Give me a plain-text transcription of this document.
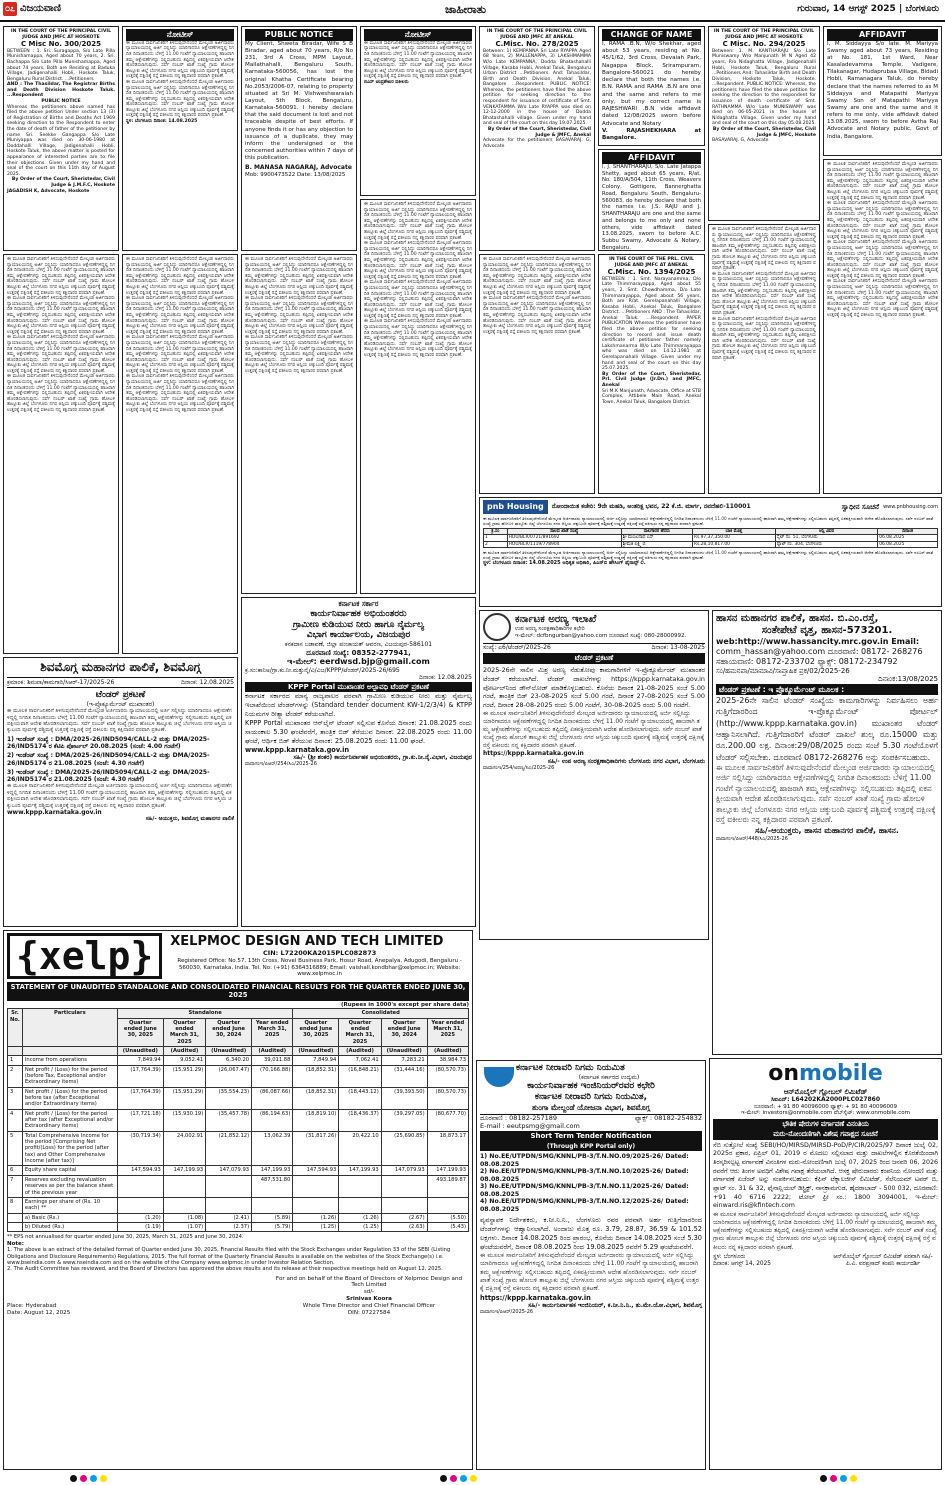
೦೭ ವಿಜಯವಾಣಿ	ಜಾಹೀರಾತು	ಗುರುವಾರ, 14 ಆಗಸ್ಟ್ 2025 | ಬೆಂಗಳೂರು
IN THE COURT OF THE PRINCIPAL CIVIL JUDGE AND JMFC AT HOSKOTE
C Misc No. 300/2025
BETWEEN : 1. Sri. Suragappa, S/o Late Pilla Munishamappa, Aged about 70 years, 2. Sri. Bachappa S/o Late Pilla Munishamappa, Aged about 74 years, Both are Residing at Baduka Village, Jadigenahalli Hobli, Hoskote Taluk, Bengaluru Rural District. ...Petitioners
AND : The Thasildar, The Registrar Births and Death Division Hoskote Taluk. ...Respondent
PUBLIC NOTICE
Whereas the petitioners above named has filed the above petition Under section 13 (3) of Registration of Births and Deaths Act 1969 seeking direction to the Respondent to enter the date of death of father of the petitioner by name Sri. Seekke Gangappa S/o Late Muniyappa was died on 30-06-1980 at Doddahalli Village, Jadigenahalli Hobli, Hoskote Taluk, the above matter is posted for appearance of interested parties are to file their objections. Given under my hand and seal of the court on this 11th day of August 2025.
By Order of the Court, Sheristedar, Civil Judge & J.M.F.C, Hoskote
JAGADISH K, Advocate, Hoskote
ನೋಟೀಸ್
ಈ ಮೂಲಕ ಸಾರ್ವಜನಿಕರಿಗೆ ತಿಳಿಸುವುದೇನೆಂದರೆ ಮೇಲ್ಕಂಡ ಅರ್ಜಿದಾರರು ನ್ಯಾಯಾಲಯದಲ್ಲಿ ಅರ್ಜಿ ಸಲ್ಲಿಸಿದ್ದು ಯಾರಿಗಾದರೂ ಆಕ್ಷೇಪಣೆಗಳಿದ್ದಲ್ಲಿ ನಿಗದಿತ ದಿನಾಂಕದಂದು ಬೆಳಿಗ್ಗೆ 11.00 ಗಂಟೆಗೆ ನ್ಯಾಯಾಲಯದಲ್ಲಿ ಹಾಜರಾಗಿ ತಮ್ಮ ಆಕ್ಷೇಪಣೆಗಳನ್ನು ಸಲ್ಲಿಸಬಹುದು ತಪ್ಪಿದಲ್ಲಿ ಏಕಪಕ್ಷೀಯವಾಗಿ ಆದೇಶ ಹೊರಡಿಸಲಾಗುವುದು. ಸರ್ವೆ ನಂಬರ್ ಖಾತೆ ಸಂಖ್ಯೆ ಗ್ರಾಮ ಹೋಬಳಿ ತಾಲ್ಲೂಕು ಜಿಲ್ಲೆ ಬೆಂಗಳೂರು ನಗರ ಆಸ್ತಿಯ ಚಕ್ಕುಬಂದಿ ಪೂರ್ವಕ್ಕೆ ಪಶ್ಚಿಮಕ್ಕೆ ಉತ್ತರಕ್ಕೆ ದಕ್ಷಿಣಕ್ಕೆ ರಸ್ತೆ ವಕೀಲರು ನನ್ನ ಕಕ್ಷಿದಾರರ ಪರವಾಗಿ ಪ್ರಕಟಣೆ.
ಈ ಮೂಲಕ ಸಾರ್ವಜನಿಕರಿಗೆ ತಿಳಿಸುವುದೇನೆಂದರೆ ಮೇಲ್ಕಂಡ ಅರ್ಜಿದಾರರು ನ್ಯಾಯಾಲಯದಲ್ಲಿ ಅರ್ಜಿ ಸಲ್ಲಿಸಿದ್ದು ಯಾರಿಗಾದರೂ ಆಕ್ಷೇಪಣೆಗಳಿದ್ದಲ್ಲಿ ನಿಗದಿತ ದಿನಾಂಕದಂದು ಬೆಳಿಗ್ಗೆ 11.00 ಗಂಟೆಗೆ ನ್ಯಾಯಾಲಯದಲ್ಲಿ ಹಾಜರಾಗಿ ತಮ್ಮ ಆಕ್ಷೇಪಣೆಗಳನ್ನು ಸಲ್ಲಿಸಬಹುದು ತಪ್ಪಿದಲ್ಲಿ ಏಕಪಕ್ಷೀಯವಾಗಿ ಆದೇಶ ಹೊರಡಿಸಲಾಗುವುದು. ಸರ್ವೆ ನಂಬರ್ ಖಾತೆ ಸಂಖ್ಯೆ ಗ್ರಾಮ ಹೋಬಳಿ ತಾಲ್ಲೂಕು ಜಿಲ್ಲೆ ಬೆಂಗಳೂರು ನಗರ ಆಸ್ತಿಯ ಚಕ್ಕುಬಂದಿ ಪೂರ್ವಕ್ಕೆ ಪಶ್ಚಿಮಕ್ಕೆ ಉತ್ತರಕ್ಕೆ ದಕ್ಷಿಣಕ್ಕೆ ರಸ್ತೆ ವಕೀಲರು ನನ್ನ ಕಕ್ಷಿದಾರರ ಪರವಾಗಿ ಪ್ರಕಟಣೆ.
ಸ್ಥಳ: ಬೆಂಗಳೂರು ದಿನಾಂಕ: 14.08.2025
PUBLIC NOTICE
My Client, Shweta Biradar, Wife S B Biradar, aged about 70 years, R/o No 231, 3rd A Cross, MPM Layout, Mallathahalli, Bengaluru South, Karnataka-560056, has lost the original Khatha Certificate bearing No.2053/2006-07, relating to property situated at Sri M. Vishweshwaraiah Layout, 5th Block, Bengaluru, Karnataka-560091. I hereby declare that the said document is lost and not traceable despite of best efforts. If anyone finds it or has any objection to issuance of a duplicate, they may inform the undersigned or the concerned authorities within 7 days of this publication.
B. MANASA NAGARAJ, Advocate
Mob: 9900473522 Date: 13/08/2025
ನೋಟೀಸ್
ಈ ಮೂಲಕ ಸಾರ್ವಜನಿಕರಿಗೆ ತಿಳಿಸುವುದೇನೆಂದರೆ ಮೇಲ್ಕಂಡ ಅರ್ಜಿದಾರರು ನ್ಯಾಯಾಲಯದಲ್ಲಿ ಅರ್ಜಿ ಸಲ್ಲಿಸಿದ್ದು ಯಾರಿಗಾದರೂ ಆಕ್ಷೇಪಣೆಗಳಿದ್ದಲ್ಲಿ ನಿಗದಿತ ದಿನಾಂಕದಂದು ಬೆಳಿಗ್ಗೆ 11.00 ಗಂಟೆಗೆ ನ್ಯಾಯಾಲಯದಲ್ಲಿ ಹಾಜರಾಗಿ ತಮ್ಮ ಆಕ್ಷೇಪಣೆಗಳನ್ನು ಸಲ್ಲಿಸಬಹುದು ತಪ್ಪಿದಲ್ಲಿ ಏಕಪಕ್ಷೀಯವಾಗಿ ಆದೇಶ ಹೊರಡಿಸಲಾಗುವುದು. ಸರ್ವೆ ನಂಬರ್ ಖಾತೆ ಸಂಖ್ಯೆ ಗ್ರಾಮ ಹೋಬಳಿ ತಾಲ್ಲೂಕು ಜಿಲ್ಲೆ ಬೆಂಗಳೂರು ನಗರ ಆಸ್ತಿಯ ಚಕ್ಕುಬಂದಿ ಪೂರ್ವಕ್ಕೆ ಪಶ್ಚಿಮಕ್ಕೆ ಉತ್ತರಕ್ಕೆ ದಕ್ಷಿಣಕ್ಕೆ ರಸ್ತೆ ವಕೀಲರು ನನ್ನ ಕಕ್ಷಿದಾರರ ಪರವಾಗಿ ಪ್ರಕಟಣೆ.
ಬಿಎಸ್ ಚಂದ್ರಶೇಖರ ವಕೀಲರು
IN THE COURT OF THE PRINCIPAL CIVIL JUDGE AND JMFC AT ANEKAL
C.Misc. No. 278/2025
Between: 1) KEMPANNA Sri Late RYAPPA Aged 68 Years, 2) MALLENAPPA, 3) LAKSHMAMMA W/o Late KEMPANNA, Dodda Bhatashahalli Village, Kasaba Hobli, Anekal Taluk, Bengaluru Urban District ...Petitioners. And: Tahasildar, Birth and Death Division, Anekal Taluk, Bangalore ...Respondent. PUBLIC NOTICE: Whereas, the petitioners have filed the above petition for seeking direction to the respondent for issuance of certificate of Smt. VENKATAMMA W/o Late RYAPPA was died on 12-12-2000 in the house of Dodda Bhatashahalli village. Given under my hand and seal of the court on this day 19.07.2025.
By Order of the Court, Sheristedar, Civil Judge & JMFC, Anekal
Advocate for the petitioners BASAVARAJ. G, Advocate
CHANGE OF NAME
I, RAMA .B.N, W/o Shekhar, aged about 53 years, residing at No. 45/1/62, 3rd Cross, Devaiah Park, Nagappa Block, Srirampuram, Bangalore-560021 do hereby declare that both the names i.e. B.N. RAMA and RAMA .B.N are one and the same and refers to me only, but my correct name is RAJESHWARI .B.N vide affidavit dated 12/08/2025 sworn before Advocate and Notary
V. RAJASHEKHARA at Bangalore.
AFFIDAVIT
I, J. SHANTHARAJU, S/o. Late Jatappa Shetty, aged about 65 years, R/at. No. 180/A/504, 11th Cross, Weavers Colony, Gottigere, Bannerghatta Road, Bengaluru South, Bengaluru-560083, do hereby declare that both the names i.e. J.S. RAJU and J. SHANTHARAJU are one and the same and belongs to me only and none others, vide affidavit dated 13.08.2025, sworn to before A.C. Subbu Swamy, Advocate & Notary, Bengaluru.
IN THE COURT OF THE PRINCIPAL CIVIL JUDGE AND JMFC AT HOSKOTE
C Misc. No. 294/2025
Between: 1. M. KANTHARAJU S/o Late Muniswamy W/o Manjunath M N Aged 42 years, R/o Nidaghatta Village, Jadigenahalli Hobli, Hoskote Taluk, Bengaluru Rural ...Petitioners And: Tahasildar Birth and Death Division, Hoskote Taluk, Hoskote. ...Respondent. PUBLIC NOTICE: Whereas, the petitioners have filed the above petition for seeking the direction to the respondent for issuance of death certificate of Smt. RATHNAMMA W/o Late MUNISWAMY was died on 06-05-2021 in the house of Nidaghatta Village. Given under my hand and seal of the court on this day 05.08.2025.
By Order of the Court, Sheristedar, Civil Judge & JMFC, Hoskote
BASAVARAJ. G, Advocate
AFFIDAVIT
I, M. Siddayya S/o late. M. Mariyya Swamy aged about 73 years, Residing at No. 181, 1st Ward, Near Kasaladevamma Temple, Vadigere, Tilakanagar, Hudaprubaa Village, Bidadi Hobli, Ramanagara Taluk, do hereby declare that the names referred to as M Siddayya and Matapathi Mariyya Swamy Son of Matapathi Mariyya Swamy are one and the same and it refers to me only, vide affidavit dated 13.08.2025, sworn to before Avtha Raj Advocate and Notary public, Govt of India, Bangalore.
ಈ ಮೂಲಕ ಸಾರ್ವಜನಿಕರಿಗೆ ತಿಳಿಸುವುದೇನೆಂದರೆ ಮೇಲ್ಕಂಡ ಅರ್ಜಿದಾರರು ನ್ಯಾಯಾಲಯದಲ್ಲಿ ಅರ್ಜಿ ಸಲ್ಲಿಸಿದ್ದು ಯಾರಿಗಾದರೂ ಆಕ್ಷೇಪಣೆಗಳಿದ್ದಲ್ಲಿ ನಿಗದಿತ ದಿನಾಂಕದಂದು ಬೆಳಿಗ್ಗೆ 11.00 ಗಂಟೆಗೆ ನ್ಯಾಯಾಲಯದಲ್ಲಿ ಹಾಜರಾಗಿ ತಮ್ಮ ಆಕ್ಷೇಪಣೆಗಳನ್ನು ಸಲ್ಲಿಸಬಹುದು ತಪ್ಪಿದಲ್ಲಿ ಏಕಪಕ್ಷೀಯವಾಗಿ ಆದೇಶ ಹೊರಡಿಸಲಾಗುವುದು. ಸರ್ವೆ ನಂಬರ್ ಖಾತೆ ಸಂಖ್ಯೆ ಗ್ರಾಮ ಹೋಬಳಿ ತಾಲ್ಲೂಕು ಜಿಲ್ಲೆ ಬೆಂಗಳೂರು ನಗರ ಆಸ್ತಿಯ ಚಕ್ಕುಬಂದಿ ಪೂರ್ವಕ್ಕೆ ಪಶ್ಚಿಮಕ್ಕೆ ಉತ್ತರಕ್ಕೆ ದಕ್ಷಿಣಕ್ಕೆ ರಸ್ತೆ ವಕೀಲರು ನನ್ನ ಕಕ್ಷಿದಾರರ ಪರವಾಗಿ ಪ್ರಕಟಣೆ.
ಈ ಮೂಲಕ ಸಾರ್ವಜನಿಕರಿಗೆ ತಿಳಿಸುವುದೇನೆಂದರೆ ಮೇಲ್ಕಂಡ ಅರ್ಜಿದಾರರು ನ್ಯಾಯಾಲಯದಲ್ಲಿ ಅರ್ಜಿ ಸಲ್ಲಿಸಿದ್ದು ಯಾರಿಗಾದರೂ ಆಕ್ಷೇಪಣೆಗಳಿದ್ದಲ್ಲಿ ನಿಗದಿತ ದಿನಾಂಕದಂದು ಬೆಳಿಗ್ಗೆ 11.00 ಗಂಟೆಗೆ ನ್ಯಾಯಾಲಯದಲ್ಲಿ ಹಾಜರಾಗಿ ತಮ್ಮ ಆಕ್ಷೇಪಣೆಗಳನ್ನು ಸಲ್ಲಿಸಬಹುದು ತಪ್ಪಿದಲ್ಲಿ ಏಕಪಕ್ಷೀಯವಾಗಿ ಆದೇಶ ಹೊರಡಿಸಲಾಗುವುದು. ಸರ್ವೆ ನಂಬರ್ ಖಾತೆ ಸಂಖ್ಯೆ ಗ್ರಾಮ ಹೋಬಳಿ ತಾಲ್ಲೂಕು ಜಿಲ್ಲೆ ಬೆಂಗಳೂರು ನಗರ ಆಸ್ತಿಯ ಚಕ್ಕುಬಂದಿ ಪೂರ್ವಕ್ಕೆ ಪಶ್ಚಿಮಕ್ಕೆ ಉತ್ತರಕ್ಕೆ ದಕ್ಷಿಣಕ್ಕೆ ರಸ್ತೆ ವಕೀಲರು ನನ್ನ ಕಕ್ಷಿದಾರರ ಪರವಾಗಿ ಪ್ರಕಟಣೆ.
ಈ ಮೂಲಕ ಸಾರ್ವಜನಿಕರಿಗೆ ತಿಳಿಸುವುದೇನೆಂದರೆ ಮೇಲ್ಕಂಡ ಅರ್ಜಿದಾರರು ನ್ಯಾಯಾಲಯದಲ್ಲಿ ಅರ್ಜಿ ಸಲ್ಲಿಸಿದ್ದು ಯಾರಿಗಾದರೂ ಆಕ್ಷೇಪಣೆಗಳಿದ್ದಲ್ಲಿ ನಿಗದಿತ ದಿನಾಂಕದಂದು ಬೆಳಿಗ್ಗೆ 11.00 ಗಂಟೆಗೆ ನ್ಯಾಯಾಲಯದಲ್ಲಿ ಹಾಜರಾಗಿ ತಮ್ಮ ಆಕ್ಷೇಪಣೆಗಳನ್ನು ಸಲ್ಲಿಸಬಹುದು ತಪ್ಪಿದಲ್ಲಿ ಏಕಪಕ್ಷೀಯವಾಗಿ ಆದೇಶ ಹೊರಡಿಸಲಾಗುವುದು. ಸರ್ವೆ ನಂಬರ್ ಖಾತೆ ಸಂಖ್ಯೆ ಗ್ರಾಮ ಹೋಬಳಿ ತಾಲ್ಲೂಕು ಜಿಲ್ಲೆ ಬೆಂಗಳೂರು ನಗರ ಆಸ್ತಿಯ ಚಕ್ಕುಬಂದಿ ಪೂರ್ವಕ್ಕೆ ಪಶ್ಚಿಮಕ್ಕೆ ಉತ್ತರಕ್ಕೆ ದಕ್ಷಿಣಕ್ಕೆ ರಸ್ತೆ ವಕೀಲರು ನನ್ನ ಕಕ್ಷಿದಾರರ ಪರವಾಗಿ ಪ್ರಕಟಣೆ.
ಈ ಮೂಲಕ ಸಾರ್ವಜನಿಕರಿಗೆ ತಿಳಿಸುವುದೇನೆಂದರೆ ಮೇಲ್ಕಂಡ ಅರ್ಜಿದಾರರು ನ್ಯಾಯಾಲಯದಲ್ಲಿ ಅರ್ಜಿ ಸಲ್ಲಿಸಿದ್ದು ಯಾರಿಗಾದರೂ ಆಕ್ಷೇಪಣೆಗಳಿದ್ದಲ್ಲಿ ನಿಗದಿತ ದಿನಾಂಕದಂದು ಬೆಳಿಗ್ಗೆ 11.00 ಗಂಟೆಗೆ ನ್ಯಾಯಾಲಯದಲ್ಲಿ ಹಾಜರಾಗಿ ತಮ್ಮ ಆಕ್ಷೇಪಣೆಗಳನ್ನು ಸಲ್ಲಿಸಬಹುದು ತಪ್ಪಿದಲ್ಲಿ ಏಕಪಕ್ಷೀಯವಾಗಿ ಆದೇಶ ಹೊರಡಿಸಲಾಗುವುದು. ಸರ್ವೆ ನಂಬರ್ ಖಾತೆ ಸಂಖ್ಯೆ ಗ್ರಾಮ ಹೋಬಳಿ ತಾಲ್ಲೂಕು ಜಿಲ್ಲೆ ಬೆಂಗಳೂರು ನಗರ ಆಸ್ತಿಯ ಚಕ್ಕುಬಂದಿ ಪೂರ್ವಕ್ಕೆ ಪಶ್ಚಿಮಕ್ಕೆ ಉತ್ತರಕ್ಕೆ ದಕ್ಷಿಣಕ್ಕೆ ರಸ್ತೆ ವಕೀಲರು ನನ್ನ ಕಕ್ಷಿದಾರರ ಪರವಾಗಿ ಪ್ರಕಟಣೆ.
ಈ ಮೂಲಕ ಸಾರ್ವಜನಿಕರಿಗೆ ತಿಳಿಸುವುದೇನೆಂದರೆ ಮೇಲ್ಕಂಡ ಅರ್ಜಿದಾರರು ನ್ಯಾಯಾಲಯದಲ್ಲಿ ಅರ್ಜಿ ಸಲ್ಲಿಸಿದ್ದು ಯಾರಿಗಾದರೂ ಆಕ್ಷೇಪಣೆಗಳಿದ್ದಲ್ಲಿ ನಿಗದಿತ ದಿನಾಂಕದಂದು ಬೆಳಿಗ್ಗೆ 11.00 ಗಂಟೆಗೆ ನ್ಯಾಯಾಲಯದಲ್ಲಿ ಹಾಜರಾಗಿ ತಮ್ಮ ಆಕ್ಷೇಪಣೆಗಳನ್ನು ಸಲ್ಲಿಸಬಹುದು ತಪ್ಪಿದಲ್ಲಿ ಏಕಪಕ್ಷೀಯವಾಗಿ ಆದೇಶ ಹೊರಡಿಸಲಾಗುವುದು. ಸರ್ವೆ ನಂಬರ್ ಖಾತೆ ಸಂಖ್ಯೆ ಗ್ರಾಮ ಹೋಬಳಿ ತಾಲ್ಲೂಕು ಜಿಲ್ಲೆ ಬೆಂಗಳೂರು ನಗರ ಆಸ್ತಿಯ ಚಕ್ಕುಬಂದಿ ಪೂರ್ವಕ್ಕೆ ಪಶ್ಚಿಮಕ್ಕೆ ಉತ್ತರಕ್ಕೆ ದಕ್ಷಿಣಕ್ಕೆ ರಸ್ತೆ ವಕೀಲರು ನನ್ನ ಕಕ್ಷಿದಾರರ ಪರವಾಗಿ ಪ್ರಕಟಣೆ.
ಈ ಮೂಲಕ ಸಾರ್ವಜನಿಕರಿಗೆ ತಿಳಿಸುವುದೇನೆಂದರೆ ಮೇಲ್ಕಂಡ ಅರ್ಜಿದಾರರು ನ್ಯಾಯಾಲಯದಲ್ಲಿ ಅರ್ಜಿ ಸಲ್ಲಿಸಿದ್ದು ಯಾರಿಗಾದರೂ ಆಕ್ಷೇಪಣೆಗಳಿದ್ದಲ್ಲಿ ನಿಗದಿತ ದಿನಾಂಕದಂದು ಬೆಳಿಗ್ಗೆ 11.00 ಗಂಟೆಗೆ ನ್ಯಾಯಾಲಯದಲ್ಲಿ ಹಾಜರಾಗಿ ತಮ್ಮ ಆಕ್ಷೇಪಣೆಗಳನ್ನು ಸಲ್ಲಿಸಬಹುದು ತಪ್ಪಿದಲ್ಲಿ ಏಕಪಕ್ಷೀಯವಾಗಿ ಆದೇಶ ಹೊರಡಿಸಲಾಗುವುದು. ಸರ್ವೆ ನಂಬರ್ ಖಾತೆ ಸಂಖ್ಯೆ ಗ್ರಾಮ ಹೋಬಳಿ ತಾಲ್ಲೂಕು ಜಿಲ್ಲೆ ಬೆಂಗಳೂರು ನಗರ ಆಸ್ತಿಯ ಚಕ್ಕುಬಂದಿ ಪೂರ್ವಕ್ಕೆ ಪಶ್ಚಿಮಕ್ಕೆ ಉತ್ತರಕ್ಕೆ ದಕ್ಷಿಣಕ್ಕೆ ರಸ್ತೆ ವಕೀಲರು ನನ್ನ ಕಕ್ಷಿದಾರರ ಪರವಾಗಿ ಪ್ರಕಟಣೆ.
ಈ ಮೂಲಕ ಸಾರ್ವಜನಿಕರಿಗೆ ತಿಳಿಸುವುದೇನೆಂದರೆ ಮೇಲ್ಕಂಡ ಅರ್ಜಿದಾರರು ನ್ಯಾಯಾಲಯದಲ್ಲಿ ಅರ್ಜಿ ಸಲ್ಲಿಸಿದ್ದು ಯಾರಿಗಾದರೂ ಆಕ್ಷೇಪಣೆಗಳಿದ್ದಲ್ಲಿ ನಿಗದಿತ ದಿನಾಂಕದಂದು ಬೆಳಿಗ್ಗೆ 11.00 ಗಂಟೆಗೆ ನ್ಯಾಯಾಲಯದಲ್ಲಿ ಹಾಜರಾಗಿ ತಮ್ಮ ಆಕ್ಷೇಪಣೆಗಳನ್ನು ಸಲ್ಲಿಸಬಹುದು ತಪ್ಪಿದಲ್ಲಿ ಏಕಪಕ್ಷೀಯವಾಗಿ ಆದೇಶ ಹೊರಡಿಸಲಾಗುವುದು. ಸರ್ವೆ ನಂಬರ್ ಖಾತೆ ಸಂಖ್ಯೆ ಗ್ರಾಮ ಹೋಬಳಿ ತಾಲ್ಲೂಕು ಜಿಲ್ಲೆ ಬೆಂಗಳೂರು ನಗರ ಆಸ್ತಿಯ ಚಕ್ಕುಬಂದಿ ಪೂರ್ವಕ್ಕೆ ಪಶ್ಚಿಮಕ್ಕೆ ಉತ್ತರಕ್ಕೆ ದಕ್ಷಿಣಕ್ಕೆ ರಸ್ತೆ ವಕೀಲರು ನನ್ನ ಕಕ್ಷಿದಾರರ ಪರವಾಗಿ ಪ್ರಕಟಣೆ.
ಈ ಮೂಲಕ ಸಾರ್ವಜನಿಕರಿಗೆ ತಿಳಿಸುವುದೇನೆಂದರೆ ಮೇಲ್ಕಂಡ ಅರ್ಜಿದಾರರು ನ್ಯಾಯಾಲಯದಲ್ಲಿ ಅರ್ಜಿ ಸಲ್ಲಿಸಿದ್ದು ಯಾರಿಗಾದರೂ ಆಕ್ಷೇಪಣೆಗಳಿದ್ದಲ್ಲಿ ನಿಗದಿತ ದಿನಾಂಕದಂದು ಬೆಳಿಗ್ಗೆ 11.00 ಗಂಟೆಗೆ ನ್ಯಾಯಾಲಯದಲ್ಲಿ ಹಾಜರಾಗಿ ತಮ್ಮ ಆಕ್ಷೇಪಣೆಗಳನ್ನು ಸಲ್ಲಿಸಬಹುದು ತಪ್ಪಿದಲ್ಲಿ ಏಕಪಕ್ಷೀಯವಾಗಿ ಆದೇಶ ಹೊರಡಿಸಲಾಗುವುದು. ಸರ್ವೆ ನಂಬರ್ ಖಾತೆ ಸಂಖ್ಯೆ ಗ್ರಾಮ ಹೋಬಳಿ ತಾಲ್ಲೂಕು ಜಿಲ್ಲೆ ಬೆಂಗಳೂರು ನಗರ ಆಸ್ತಿಯ ಚಕ್ಕುಬಂದಿ ಪೂರ್ವಕ್ಕೆ ಪಶ್ಚಿಮಕ್ಕೆ ಉತ್ತರಕ್ಕೆ ದಕ್ಷಿಣಕ್ಕೆ ರಸ್ತೆ ವಕೀಲರು ನನ್ನ ಕಕ್ಷಿದಾರರ ಪರವಾಗಿ ಪ್ರಕಟಣೆ.
ಈ ಮೂಲಕ ಸಾರ್ವಜನಿಕರಿಗೆ ತಿಳಿಸುವುದೇನೆಂದರೆ ಮೇಲ್ಕಂಡ ಅರ್ಜಿದಾರರು ನ್ಯಾಯಾಲಯದಲ್ಲಿ ಅರ್ಜಿ ಸಲ್ಲಿಸಿದ್ದು ಯಾರಿಗಾದರೂ ಆಕ್ಷೇಪಣೆಗಳಿದ್ದಲ್ಲಿ ನಿಗದಿತ ದಿನಾಂಕದಂದು ಬೆಳಿಗ್ಗೆ 11.00 ಗಂಟೆಗೆ ನ್ಯಾಯಾಲಯದಲ್ಲಿ ಹಾಜರಾಗಿ ತಮ್ಮ ಆಕ್ಷೇಪಣೆಗಳನ್ನು ಸಲ್ಲಿಸಬಹುದು ತಪ್ಪಿದಲ್ಲಿ ಏಕಪಕ್ಷೀಯವಾಗಿ ಆದೇಶ ಹೊರಡಿಸಲಾಗುವುದು. ಸರ್ವೆ ನಂಬರ್ ಖಾತೆ ಸಂಖ್ಯೆ ಗ್ರಾಮ ಹೋಬಳಿ ತಾಲ್ಲೂಕು ಜಿಲ್ಲೆ ಬೆಂಗಳೂರು ನಗರ ಆಸ್ತಿಯ ಚಕ್ಕುಬಂದಿ ಪೂರ್ವಕ್ಕೆ ಪಶ್ಚಿಮಕ್ಕೆ ಉತ್ತರಕ್ಕೆ ದಕ್ಷಿಣಕ್ಕೆ ರಸ್ತೆ ವಕೀಲರು ನನ್ನ ಕಕ್ಷಿದಾರರ ಪರವಾಗಿ ಪ್ರಕಟಣೆ.
ಈ ಮೂಲಕ ಸಾರ್ವಜನಿಕರಿಗೆ ತಿಳಿಸುವುದೇನೆಂದರೆ ಮೇಲ್ಕಂಡ ಅರ್ಜಿದಾರರು ನ್ಯಾಯಾಲಯದಲ್ಲಿ ಅರ್ಜಿ ಸಲ್ಲಿಸಿದ್ದು ಯಾರಿಗಾದರೂ ಆಕ್ಷೇಪಣೆಗಳಿದ್ದಲ್ಲಿ ನಿಗದಿತ ದಿನಾಂಕದಂದು ಬೆಳಿಗ್ಗೆ 11.00 ಗಂಟೆಗೆ ನ್ಯಾಯಾಲಯದಲ್ಲಿ ಹಾಜರಾಗಿ ತಮ್ಮ ಆಕ್ಷೇಪಣೆಗಳನ್ನು ಸಲ್ಲಿಸಬಹುದು ತಪ್ಪಿದಲ್ಲಿ ಏಕಪಕ್ಷೀಯವಾಗಿ ಆದೇಶ ಹೊರಡಿಸಲಾಗುವುದು. ಸರ್ವೆ ನಂಬರ್ ಖಾತೆ ಸಂಖ್ಯೆ ಗ್ರಾಮ ಹೋಬಳಿ ತಾಲ್ಲೂಕು ಜಿಲ್ಲೆ ಬೆಂಗಳೂರು ನಗರ ಆಸ್ತಿಯ ಚಕ್ಕುಬಂದಿ ಪೂರ್ವಕ್ಕೆ ಪಶ್ಚಿಮಕ್ಕೆ ಉತ್ತರಕ್ಕೆ ದಕ್ಷಿಣಕ್ಕೆ ರಸ್ತೆ ವಕೀಲರು ನನ್ನ ಕಕ್ಷಿದಾರರ ಪರವಾಗಿ ಪ್ರಕಟಣೆ.
ಈ ಮೂಲಕ ಸಾರ್ವಜನಿಕರಿಗೆ ತಿಳಿಸುವುದೇನೆಂದರೆ ಮೇಲ್ಕಂಡ ಅರ್ಜಿದಾರರು ನ್ಯಾಯಾಲಯದಲ್ಲಿ ಅರ್ಜಿ ಸಲ್ಲಿಸಿದ್ದು ಯಾರಿಗಾದರೂ ಆಕ್ಷೇಪಣೆಗಳಿದ್ದಲ್ಲಿ ನಿಗದಿತ ದಿನಾಂಕದಂದು ಬೆಳಿಗ್ಗೆ 11.00 ಗಂಟೆಗೆ ನ್ಯಾಯಾಲಯದಲ್ಲಿ ಹಾಜರಾಗಿ ತಮ್ಮ ಆಕ್ಷೇಪಣೆಗಳನ್ನು ಸಲ್ಲಿಸಬಹುದು ತಪ್ಪಿದಲ್ಲಿ ಏಕಪಕ್ಷೀಯವಾಗಿ ಆದೇಶ ಹೊರಡಿಸಲಾಗುವುದು. ಸರ್ವೆ ನಂಬರ್ ಖಾತೆ ಸಂಖ್ಯೆ ಗ್ರಾಮ ಹೋಬಳಿ ತಾಲ್ಲೂಕು ಜಿಲ್ಲೆ ಬೆಂಗಳೂರು ನಗರ ಆಸ್ತಿಯ ಚಕ್ಕುಬಂದಿ ಪೂರ್ವಕ್ಕೆ ಪಶ್ಚಿಮಕ್ಕೆ ಉತ್ತರಕ್ಕೆ ದಕ್ಷಿಣಕ್ಕೆ ರಸ್ತೆ ವಕೀಲರು ನನ್ನ ಕಕ್ಷಿದಾರರ ಪರವಾಗಿ ಪ್ರಕಟಣೆ.
ಈ ಮೂಲಕ ಸಾರ್ವಜನಿಕರಿಗೆ ತಿಳಿಸುವುದೇನೆಂದರೆ ಮೇಲ್ಕಂಡ ಅರ್ಜಿದಾರರು ನ್ಯಾಯಾಲಯದಲ್ಲಿ ಅರ್ಜಿ ಸಲ್ಲಿಸಿದ್ದು ಯಾರಿಗಾದರೂ ಆಕ್ಷೇಪಣೆಗಳಿದ್ದಲ್ಲಿ ನಿಗದಿತ ದಿನಾಂಕದಂದು ಬೆಳಿಗ್ಗೆ 11.00 ಗಂಟೆಗೆ ನ್ಯಾಯಾಲಯದಲ್ಲಿ ಹಾಜರಾಗಿ ತಮ್ಮ ಆಕ್ಷೇಪಣೆಗಳನ್ನು ಸಲ್ಲಿಸಬಹುದು ತಪ್ಪಿದಲ್ಲಿ ಏಕಪಕ್ಷೀಯವಾಗಿ ಆದೇಶ ಹೊರಡಿಸಲಾಗುವುದು. ಸರ್ವೆ ನಂಬರ್ ಖಾತೆ ಸಂಖ್ಯೆ ಗ್ರಾಮ ಹೋಬಳಿ ತಾಲ್ಲೂಕು ಜಿಲ್ಲೆ ಬೆಂಗಳೂರು ನಗರ ಆಸ್ತಿಯ ಚಕ್ಕುಬಂದಿ ಪೂರ್ವಕ್ಕೆ ಪಶ್ಚಿಮಕ್ಕೆ ಉತ್ತರಕ್ಕೆ ದಕ್ಷಿಣಕ್ಕೆ ರಸ್ತೆ ವಕೀಲರು ನನ್ನ ಕಕ್ಷಿದಾರರ ಪರವಾಗಿ ಪ್ರಕಟಣೆ.
ಈ ಮೂಲಕ ಸಾರ್ವಜನಿಕರಿಗೆ ತಿಳಿಸುವುದೇನೆಂದರೆ ಮೇಲ್ಕಂಡ ಅರ್ಜಿದಾರರು ನ್ಯಾಯಾಲಯದಲ್ಲಿ ಅರ್ಜಿ ಸಲ್ಲಿಸಿದ್ದು ಯಾರಿಗಾದರೂ ಆಕ್ಷೇಪಣೆಗಳಿದ್ದಲ್ಲಿ ನಿಗದಿತ ದಿನಾಂಕದಂದು ಬೆಳಿಗ್ಗೆ 11.00 ಗಂಟೆಗೆ ನ್ಯಾಯಾಲಯದಲ್ಲಿ ಹಾಜರಾಗಿ ತಮ್ಮ ಆಕ್ಷೇಪಣೆಗಳನ್ನು ಸಲ್ಲಿಸಬಹುದು ತಪ್ಪಿದಲ್ಲಿ ಏಕಪಕ್ಷೀಯವಾಗಿ ಆದೇಶ ಹೊರಡಿಸಲಾಗುವುದು. ಸರ್ವೆ ನಂಬರ್ ಖಾತೆ ಸಂಖ್ಯೆ ಗ್ರಾಮ ಹೋಬಳಿ ತಾಲ್ಲೂಕು ಜಿಲ್ಲೆ ಬೆಂಗಳೂರು ನಗರ ಆಸ್ತಿಯ ಚಕ್ಕುಬಂದಿ ಪೂರ್ವಕ್ಕೆ ಪಶ್ಚಿಮಕ್ಕೆ ಉತ್ತರಕ್ಕೆ ದಕ್ಷಿಣಕ್ಕೆ ರಸ್ತೆ ವಕೀಲರು ನನ್ನ ಕಕ್ಷಿದಾರರ ಪರವಾಗಿ ಪ್ರಕಟಣೆ.
ಈ ಮೂಲಕ ಸಾರ್ವಜನಿಕರಿಗೆ ತಿಳಿಸುವುದೇನೆಂದರೆ ಮೇಲ್ಕಂಡ ಅರ್ಜಿದಾರರು ನ್ಯಾಯಾಲಯದಲ್ಲಿ ಅರ್ಜಿ ಸಲ್ಲಿಸಿದ್ದು ಯಾರಿಗಾದರೂ ಆಕ್ಷೇಪಣೆಗಳಿದ್ದಲ್ಲಿ ನಿಗದಿತ ದಿನಾಂಕದಂದು ಬೆಳಿಗ್ಗೆ 11.00 ಗಂಟೆಗೆ ನ್ಯಾಯಾಲಯದಲ್ಲಿ ಹಾಜರಾಗಿ ತಮ್ಮ ಆಕ್ಷೇಪಣೆಗಳನ್ನು ಸಲ್ಲಿಸಬಹುದು ತಪ್ಪಿದಲ್ಲಿ ಏಕಪಕ್ಷೀಯವಾಗಿ ಆದೇಶ ಹೊರಡಿಸಲಾಗುವುದು. ಸರ್ವೆ ನಂಬರ್ ಖಾತೆ ಸಂಖ್ಯೆ ಗ್ರಾಮ ಹೋಬಳಿ ತಾಲ್ಲೂಕು ಜಿಲ್ಲೆ ಬೆಂಗಳೂರು ನಗರ ಆಸ್ತಿಯ ಚಕ್ಕುಬಂದಿ ಪೂರ್ವಕ್ಕೆ ಪಶ್ಚಿಮಕ್ಕೆ ಉತ್ತರಕ್ಕೆ ದಕ್ಷಿಣಕ್ಕೆ ರಸ್ತೆ ವಕೀಲರು ನನ್ನ ಕಕ್ಷಿದಾರರ ಪರವಾಗಿ ಪ್ರಕಟಣೆ.
ಈ ಮೂಲಕ ಸಾರ್ವಜನಿಕರಿಗೆ ತಿಳಿಸುವುದೇನೆಂದರೆ ಮೇಲ್ಕಂಡ ಅರ್ಜಿದಾರರು ನ್ಯಾಯಾಲಯದಲ್ಲಿ ಅರ್ಜಿ ಸಲ್ಲಿಸಿದ್ದು ಯಾರಿಗಾದರೂ ಆಕ್ಷೇಪಣೆಗಳಿದ್ದಲ್ಲಿ ನಿಗದಿತ ದಿನಾಂಕದಂದು ಬೆಳಿಗ್ಗೆ 11.00 ಗಂಟೆಗೆ ನ್ಯಾಯಾಲಯದಲ್ಲಿ ಹಾಜರಾಗಿ ತಮ್ಮ ಆಕ್ಷೇಪಣೆಗಳನ್ನು ಸಲ್ಲಿಸಬಹುದು ತಪ್ಪಿದಲ್ಲಿ ಏಕಪಕ್ಷೀಯವಾಗಿ ಆದೇಶ ಹೊರಡಿಸಲಾಗುವುದು. ಸರ್ವೆ ನಂಬರ್ ಖಾತೆ ಸಂಖ್ಯೆ ಗ್ರಾಮ ಹೋಬಳಿ ತಾಲ್ಲೂಕು ಜಿಲ್ಲೆ ಬೆಂಗಳೂರು ನಗರ ಆಸ್ತಿಯ ಚಕ್ಕುಬಂದಿ ಪೂರ್ವಕ್ಕೆ ಪಶ್ಚಿಮಕ್ಕೆ ಉತ್ತರಕ್ಕೆ ದಕ್ಷಿಣಕ್ಕೆ ರಸ್ತೆ ವಕೀಲರು ನನ್ನ ಕಕ್ಷಿದಾರರ ಪರವಾಗಿ ಪ್ರಕಟಣೆ.
ಈ ಮೂಲಕ ಸಾರ್ವಜನಿಕರಿಗೆ ತಿಳಿಸುವುದೇನೆಂದರೆ ಮೇಲ್ಕಂಡ ಅರ್ಜಿದಾರರು ನ್ಯಾಯಾಲಯದಲ್ಲಿ ಅರ್ಜಿ ಸಲ್ಲಿಸಿದ್ದು ಯಾರಿಗಾದರೂ ಆಕ್ಷೇಪಣೆಗಳಿದ್ದಲ್ಲಿ ನಿಗದಿತ ದಿನಾಂಕದಂದು ಬೆಳಿಗ್ಗೆ 11.00 ಗಂಟೆಗೆ ನ್ಯಾಯಾಲಯದಲ್ಲಿ ಹಾಜರಾಗಿ ತಮ್ಮ ಆಕ್ಷೇಪಣೆಗಳನ್ನು ಸಲ್ಲಿಸಬಹುದು ತಪ್ಪಿದಲ್ಲಿ ಏಕಪಕ್ಷೀಯವಾಗಿ ಆದೇಶ ಹೊರಡಿಸಲಾಗುವುದು. ಸರ್ವೆ ನಂಬರ್ ಖಾತೆ ಸಂಖ್ಯೆ ಗ್ರಾಮ ಹೋಬಳಿ ತಾಲ್ಲೂಕು ಜಿಲ್ಲೆ ಬೆಂಗಳೂರು ನಗರ ಆಸ್ತಿಯ ಚಕ್ಕುಬಂದಿ ಪೂರ್ವಕ್ಕೆ ಪಶ್ಚಿಮಕ್ಕೆ ಉತ್ತರಕ್ಕೆ ದಕ್ಷಿಣಕ್ಕೆ ರಸ್ತೆ ವಕೀಲರು ನನ್ನ ಕಕ್ಷಿದಾರರ ಪರವಾಗಿ ಪ್ರಕಟಣೆ.
ಈ ಮೂಲಕ ಸಾರ್ವಜನಿಕರಿಗೆ ತಿಳಿಸುವುದೇನೆಂದರೆ ಮೇಲ್ಕಂಡ ಅರ್ಜಿದಾರರು ನ್ಯಾಯಾಲಯದಲ್ಲಿ ಅರ್ಜಿ ಸಲ್ಲಿಸಿದ್ದು ಯಾರಿಗಾದರೂ ಆಕ್ಷೇಪಣೆಗಳಿದ್ದಲ್ಲಿ ನಿಗದಿತ ದಿನಾಂಕದಂದು ಬೆಳಿಗ್ಗೆ 11.00 ಗಂಟೆಗೆ ನ್ಯಾಯಾಲಯದಲ್ಲಿ ಹಾಜರಾಗಿ ತಮ್ಮ ಆಕ್ಷೇಪಣೆಗಳನ್ನು ಸಲ್ಲಿಸಬಹುದು ತಪ್ಪಿದಲ್ಲಿ ಏಕಪಕ್ಷೀಯವಾಗಿ ಆದೇಶ ಹೊರಡಿಸಲಾಗುವುದು. ಸರ್ವೆ ನಂಬರ್ ಖಾತೆ ಸಂಖ್ಯೆ ಗ್ರಾಮ ಹೋಬಳಿ ತಾಲ್ಲೂಕು ಜಿಲ್ಲೆ ಬೆಂಗಳೂರು ನಗರ ಆಸ್ತಿಯ ಚಕ್ಕುಬಂದಿ ಪೂರ್ವಕ್ಕೆ ಪಶ್ಚಿಮಕ್ಕೆ ಉತ್ತರಕ್ಕೆ ದಕ್ಷಿಣಕ್ಕೆ ರಸ್ತೆ ವಕೀಲರು ನನ್ನ ಕಕ್ಷಿದಾರರ ಪರವಾಗಿ ಪ್ರಕಟಣೆ.
IN THE COURT OF THE PRL. CIVIL JUDGE AND JMFC AT ANEKAL
C.Misc. No. 1394/2025
BETWEEN : 1. Smt. Narayanamma, D/o Late Thimmarayappa, Aged about 55 years, 2. Smt. Chowdhamma, D/o Late Thimmarayappa, Aged about 56 years, Both are R/at. Gerelapanahalli Village, Kasaba Hobli, Anekal Taluk, Bangalore District. ...Petitioners AND : The Tahasildar, Anekal Taluk. ...Respondent PAPER PUBLICATION Whereas the petitioner have filed the above petition for seeking direction to record and issue death certificate of petitioner father namely Lakshmanarma W/o Late Thimmarayappa who was died on 14.12.1981 at Gerelapanahalli Village. Given under my hand and seal of the court on this day 25.07.2025.
By Order of the Court, Sheristedar, Prl. Civil Judge (Jr.Dn.) and JMFC, Anekal
Sri M.K Manjunath, Advocate, Office at STB Complex, Attibele Main Road, Anekal Town, Anekal Taluk, Bangalore District.
ಈ ಮೂಲಕ ಸಾರ್ವಜನಿಕರಿಗೆ ತಿಳಿಸುವುದೇನೆಂದರೆ ಮೇಲ್ಕಂಡ ಅರ್ಜಿದಾರರು ನ್ಯಾಯಾಲಯದಲ್ಲಿ ಅರ್ಜಿ ಸಲ್ಲಿಸಿದ್ದು ಯಾರಿಗಾದರೂ ಆಕ್ಷೇಪಣೆಗಳಿದ್ದಲ್ಲಿ ನಿಗದಿತ ದಿನಾಂಕದಂದು ಬೆಳಿಗ್ಗೆ 11.00 ಗಂಟೆಗೆ ನ್ಯಾಯಾಲಯದಲ್ಲಿ ಹಾಜರಾಗಿ ತಮ್ಮ ಆಕ್ಷೇಪಣೆಗಳನ್ನು ಸಲ್ಲಿಸಬಹುದು ತಪ್ಪಿದಲ್ಲಿ ಏಕಪಕ್ಷೀಯವಾಗಿ ಆದೇಶ ಹೊರಡಿಸಲಾಗುವುದು. ಸರ್ವೆ ನಂಬರ್ ಖಾತೆ ಸಂಖ್ಯೆ ಗ್ರಾಮ ಹೋಬಳಿ ತಾಲ್ಲೂಕು ಜಿಲ್ಲೆ ಬೆಂಗಳೂರು ನಗರ ಆಸ್ತಿಯ ಚಕ್ಕುಬಂದಿ ಪೂರ್ವಕ್ಕೆ ಪಶ್ಚಿಮಕ್ಕೆ ಉತ್ತರಕ್ಕೆ ದಕ್ಷಿಣಕ್ಕೆ ರಸ್ತೆ ವಕೀಲರು ನನ್ನ ಕಕ್ಷಿದಾರರ ಪರವಾಗಿ ಪ್ರಕಟಣೆ.
ಈ ಮೂಲಕ ಸಾರ್ವಜನಿಕರಿಗೆ ತಿಳಿಸುವುದೇನೆಂದರೆ ಮೇಲ್ಕಂಡ ಅರ್ಜಿದಾರರು ನ್ಯಾಯಾಲಯದಲ್ಲಿ ಅರ್ಜಿ ಸಲ್ಲಿಸಿದ್ದು ಯಾರಿಗಾದರೂ ಆಕ್ಷೇಪಣೆಗಳಿದ್ದಲ್ಲಿ ನಿಗದಿತ ದಿನಾಂಕದಂದು ಬೆಳಿಗ್ಗೆ 11.00 ಗಂಟೆಗೆ ನ್ಯಾಯಾಲಯದಲ್ಲಿ ಹಾಜರಾಗಿ ತಮ್ಮ ಆಕ್ಷೇಪಣೆಗಳನ್ನು ಸಲ್ಲಿಸಬಹುದು ತಪ್ಪಿದಲ್ಲಿ ಏಕಪಕ್ಷೀಯವಾಗಿ ಆದೇಶ ಹೊರಡಿಸಲಾಗುವುದು. ಸರ್ವೆ ನಂಬರ್ ಖಾತೆ ಸಂಖ್ಯೆ ಗ್ರಾಮ ಹೋಬಳಿ ತಾಲ್ಲೂಕು ಜಿಲ್ಲೆ ಬೆಂಗಳೂರು ನಗರ ಆಸ್ತಿಯ ಚಕ್ಕುಬಂದಿ ಪೂರ್ವಕ್ಕೆ ಪಶ್ಚಿಮಕ್ಕೆ ಉತ್ತರಕ್ಕೆ ದಕ್ಷಿಣಕ್ಕೆ ರಸ್ತೆ ವಕೀಲರು ನನ್ನ ಕಕ್ಷಿದಾರರ ಪರವಾಗಿ ಪ್ರಕಟಣೆ.
ಈ ಮೂಲಕ ಸಾರ್ವಜನಿಕರಿಗೆ ತಿಳಿಸುವುದೇನೆಂದರೆ ಮೇಲ್ಕಂಡ ಅರ್ಜಿದಾರರು ನ್ಯಾಯಾಲಯದಲ್ಲಿ ಅರ್ಜಿ ಸಲ್ಲಿಸಿದ್ದು ಯಾರಿಗಾದರೂ ಆಕ್ಷೇಪಣೆಗಳಿದ್ದಲ್ಲಿ ನಿಗದಿತ ದಿನಾಂಕದಂದು ಬೆಳಿಗ್ಗೆ 11.00 ಗಂಟೆಗೆ ನ್ಯಾಯಾಲಯದಲ್ಲಿ ಹಾಜರಾಗಿ ತಮ್ಮ ಆಕ್ಷೇಪಣೆಗಳನ್ನು ಸಲ್ಲಿಸಬಹುದು ತಪ್ಪಿದಲ್ಲಿ ಏಕಪಕ್ಷೀಯವಾಗಿ ಆದೇಶ ಹೊರಡಿಸಲಾಗುವುದು. ಸರ್ವೆ ನಂಬರ್ ಖಾತೆ ಸಂಖ್ಯೆ ಗ್ರಾಮ ಹೋಬಳಿ ತಾಲ್ಲೂಕು ಜಿಲ್ಲೆ ಬೆಂಗಳೂರು ನಗರ ಆಸ್ತಿಯ ಚಕ್ಕುಬಂದಿ ಪೂರ್ವಕ್ಕೆ ಪಶ್ಚಿಮಕ್ಕೆ ಉತ್ತರಕ್ಕೆ ದಕ್ಷಿಣಕ್ಕೆ ರಸ್ತೆ ವಕೀಲರು ನನ್ನ ಕಕ್ಷಿದಾರರ ಪರವಾಗಿ ಪ್ರಕಟಣೆ.
ಈ ಮೂಲಕ ಸಾರ್ವಜನಿಕರಿಗೆ ತಿಳಿಸುವುದೇನೆಂದರೆ ಮೇಲ್ಕಂಡ ಅರ್ಜಿದಾರರು ನ್ಯಾಯಾಲಯದಲ್ಲಿ ಅರ್ಜಿ ಸಲ್ಲಿಸಿದ್ದು ಯಾರಿಗಾದರೂ ಆಕ್ಷೇಪಣೆಗಳಿದ್ದಲ್ಲಿ ನಿಗದಿತ ದಿನಾಂಕದಂದು ಬೆಳಿಗ್ಗೆ 11.00 ಗಂಟೆಗೆ ನ್ಯಾಯಾಲಯದಲ್ಲಿ ಹಾಜರಾಗಿ ತಮ್ಮ ಆಕ್ಷೇಪಣೆಗಳನ್ನು ಸಲ್ಲಿಸಬಹುದು ತಪ್ಪಿದಲ್ಲಿ ಏಕಪಕ್ಷೀಯವಾಗಿ ಆದೇಶ ಹೊರಡಿಸಲಾಗುವುದು. ಸರ್ವೆ ನಂಬರ್ ಖಾತೆ ಸಂಖ್ಯೆ ಗ್ರಾಮ ಹೋಬಳಿ ತಾಲ್ಲೂಕು ಜಿಲ್ಲೆ ಬೆಂಗಳೂರು ನಗರ ಆಸ್ತಿಯ ಚಕ್ಕುಬಂದಿ ಪೂರ್ವಕ್ಕೆ ಪಶ್ಚಿಮಕ್ಕೆ ಉತ್ತರಕ್ಕೆ ದಕ್ಷಿಣಕ್ಕೆ ರಸ್ತೆ ವಕೀಲರು ನನ್ನ ಕಕ್ಷಿದಾರರ ಪರವಾಗಿ ಪ್ರಕಟಣೆ.
ಈ ಮೂಲಕ ಸಾರ್ವಜನಿಕರಿಗೆ ತಿಳಿಸುವುದೇನೆಂದರೆ ಮೇಲ್ಕಂಡ ಅರ್ಜಿದಾರರು ನ್ಯಾಯಾಲಯದಲ್ಲಿ ಅರ್ಜಿ ಸಲ್ಲಿಸಿದ್ದು ಯಾರಿಗಾದರೂ ಆಕ್ಷೇಪಣೆಗಳಿದ್ದಲ್ಲಿ ನಿಗದಿತ ದಿನಾಂಕದಂದು ಬೆಳಿಗ್ಗೆ 11.00 ಗಂಟೆಗೆ ನ್ಯಾಯಾಲಯದಲ್ಲಿ ಹಾಜರಾಗಿ ತಮ್ಮ ಆಕ್ಷೇಪಣೆಗಳನ್ನು ಸಲ್ಲಿಸಬಹುದು ತಪ್ಪಿದಲ್ಲಿ ಏಕಪಕ್ಷೀಯವಾಗಿ ಆದೇಶ ಹೊರಡಿಸಲಾಗುವುದು. ಸರ್ವೆ ನಂಬರ್ ಖಾತೆ ಸಂಖ್ಯೆ ಗ್ರಾಮ ಹೋಬಳಿ ತಾಲ್ಲೂಕು ಜಿಲ್ಲೆ ಬೆಂಗಳೂರು ನಗರ ಆಸ್ತಿಯ ಚಕ್ಕುಬಂದಿ ಪೂರ್ವಕ್ಕೆ ಪಶ್ಚಿಮಕ್ಕೆ ಉತ್ತರಕ್ಕೆ ದಕ್ಷಿಣಕ್ಕೆ ರಸ್ತೆ ವಕೀಲರು ನನ್ನ ಕಕ್ಷಿದಾರರ ಪರವಾಗಿ ಪ್ರಕಟಣೆ.
ಈ ಮೂಲಕ ಸಾರ್ವಜನಿಕರಿಗೆ ತಿಳಿಸುವುದೇನೆಂದರೆ ಮೇಲ್ಕಂಡ ಅರ್ಜಿದಾರರು ನ್ಯಾಯಾಲಯದಲ್ಲಿ ಅರ್ಜಿ ಸಲ್ಲಿಸಿದ್ದು ಯಾರಿಗಾದರೂ ಆಕ್ಷೇಪಣೆಗಳಿದ್ದಲ್ಲಿ ನಿಗದಿತ ದಿನಾಂಕದಂದು ಬೆಳಿಗ್ಗೆ 11.00 ಗಂಟೆಗೆ ನ್ಯಾಯಾಲಯದಲ್ಲಿ ಹಾಜರಾಗಿ ತಮ್ಮ ಆಕ್ಷೇಪಣೆಗಳನ್ನು ಸಲ್ಲಿಸಬಹುದು ತಪ್ಪಿದಲ್ಲಿ ಏಕಪಕ್ಷೀಯವಾಗಿ ಆದೇಶ ಹೊರಡಿಸಲಾಗುವುದು. ಸರ್ವೆ ನಂಬರ್ ಖಾತೆ ಸಂಖ್ಯೆ ಗ್ರಾಮ ಹೋಬಳಿ ತಾಲ್ಲೂಕು ಜಿಲ್ಲೆ ಬೆಂಗಳೂರು ನಗರ ಆಸ್ತಿಯ ಚಕ್ಕುಬಂದಿ ಪೂರ್ವಕ್ಕೆ ಪಶ್ಚಿಮಕ್ಕೆ ಉತ್ತರಕ್ಕೆ ದಕ್ಷಿಣಕ್ಕೆ ರಸ್ತೆ ವಕೀಲರು ನನ್ನ ಕಕ್ಷಿದಾರರ ಪರವಾಗಿ ಪ್ರಕಟಣೆ.
ಈ ಮೂಲಕ ಸಾರ್ವಜನಿಕರಿಗೆ ತಿಳಿಸುವುದೇನೆಂದರೆ ಮೇಲ್ಕಂಡ ಅರ್ಜಿದಾರರು ನ್ಯಾಯಾಲಯದಲ್ಲಿ ಅರ್ಜಿ ಸಲ್ಲಿಸಿದ್ದು ಯಾರಿಗಾದರೂ ಆಕ್ಷೇಪಣೆಗಳಿದ್ದಲ್ಲಿ ನಿಗದಿತ ದಿನಾಂಕದಂದು ಬೆಳಿಗ್ಗೆ 11.00 ಗಂಟೆಗೆ ನ್ಯಾಯಾಲಯದಲ್ಲಿ ಹಾಜರಾಗಿ ತಮ್ಮ ಆಕ್ಷೇಪಣೆಗಳನ್ನು ಸಲ್ಲಿಸಬಹುದು ತಪ್ಪಿದಲ್ಲಿ ಏಕಪಕ್ಷೀಯವಾಗಿ ಆದೇಶ ಹೊರಡಿಸಲಾಗುವುದು. ಸರ್ವೆ ನಂಬರ್ ಖಾತೆ ಸಂಖ್ಯೆ ಗ್ರಾಮ ಹೋಬಳಿ ತಾಲ್ಲೂಕು ಜಿಲ್ಲೆ ಬೆಂಗಳೂರು ನಗರ ಆಸ್ತಿಯ ಚಕ್ಕುಬಂದಿ ಪೂರ್ವಕ್ಕೆ ಪಶ್ಚಿಮಕ್ಕೆ ಉತ್ತರಕ್ಕೆ ದಕ್ಷಿಣಕ್ಕೆ ರಸ್ತೆ ವಕೀಲರು ನನ್ನ ಕಕ್ಷಿದಾರರ ಪರವಾಗಿ ಪ್ರಕಟಣೆ.
pnb Housing	ನೋಂದಾಯಿತ ಕಚೇರಿ: 9ನೇ ಮಹಡಿ, ಅಂತರಿಕ್ಷ ಭವನ, 22 ಕೆ.ಜಿ. ಮಾರ್ಗ, ನವದೆಹಲಿ-110001	ಸ್ವಾಧೀನ ಸೂಚನೆ www.pnbhousing.com
ಈ ಮೂಲಕ ಸಾರ್ವಜನಿಕರಿಗೆ ತಿಳಿಸುವುದೇನೆಂದರೆ ಮೇಲ್ಕಂಡ ಅರ್ಜಿದಾರರು ನ್ಯಾಯಾಲಯದಲ್ಲಿ ಅರ್ಜಿ ಸಲ್ಲಿಸಿದ್ದು ಯಾರಿಗಾದರೂ ಆಕ್ಷೇಪಣೆಗಳಿದ್ದಲ್ಲಿ ನಿಗದಿತ ದಿನಾಂಕದಂದು ಬೆಳಿಗ್ಗೆ 11.00 ಗಂಟೆಗೆ ನ್ಯಾಯಾಲಯದಲ್ಲಿ ಹಾಜರಾಗಿ ತಮ್ಮ ಆಕ್ಷೇಪಣೆಗಳನ್ನು ಸಲ್ಲಿಸಬಹುದು ತಪ್ಪಿದಲ್ಲಿ ಏಕಪಕ್ಷೀಯವಾಗಿ ಆದೇಶ ಹೊರಡಿಸಲಾಗುವುದು. ಸರ್ವೆ ನಂಬರ್ ಖಾತೆ ಸಂಖ್ಯೆ ಗ್ರಾಮ ಹೋಬಳಿ ತಾಲ್ಲೂಕು ಜಿಲ್ಲೆ ಬೆಂಗಳೂರು ನಗರ ಆಸ್ತಿಯ ಚಕ್ಕುಬಂದಿ ಪೂರ್ವಕ್ಕೆ ಪಶ್ಚಿಮಕ್ಕೆ ಉತ್ತರಕ್ಕೆ ದಕ್ಷಿಣಕ್ಕೆ ರಸ್ತೆ ವಕೀಲರು ನನ್ನ ಕಕ್ಷಿದಾರರ ಪರವಾಗಿ ಪ್ರಕಟಣೆ.
ಕ್ರ.ಸಂ	ಸಾಲದ ಖಾತೆ ಸಂಖ್ಯೆ	ಸಾಲಗಾರರ ಹೆಸರು	ಬಾಕಿ ಮೊತ್ತ	ಆಸ್ತಿ ವಿವರ	ದಿನಾಂಕ
1	HOU/BLR/0721/891692	ಶ್ರೀ ಮಂಜುನಾಥ ಎಸ್	Rs.97,37,350.00	ಸೈಟ್ ನಂ. 51, ಬೆಂಗಳೂರು	06.08.2025
2	HOU/BLR/1119/778904	ಶ್ರೀಮತಿ ಲಕ್ಷ್ಮಿ ಬಿ	Rs.28,10,817.00	ಫ್ಲಾಟ್ ನಂ. 304, ಬೆಂಗಳೂರು	06.08.2025
ಈ ಮೂಲಕ ಸಾರ್ವಜನಿಕರಿಗೆ ತಿಳಿಸುವುದೇನೆಂದರೆ ಮೇಲ್ಕಂಡ ಅರ್ಜಿದಾರರು ನ್ಯಾಯಾಲಯದಲ್ಲಿ ಅರ್ಜಿ ಸಲ್ಲಿಸಿದ್ದು ಯಾರಿಗಾದರೂ ಆಕ್ಷೇಪಣೆಗಳಿದ್ದಲ್ಲಿ ನಿಗದಿತ ದಿನಾಂಕದಂದು ಬೆಳಿಗ್ಗೆ 11.00 ಗಂಟೆಗೆ ನ್ಯಾಯಾಲಯದಲ್ಲಿ ಹಾಜರಾಗಿ ತಮ್ಮ ಆಕ್ಷೇಪಣೆಗಳನ್ನು ಸಲ್ಲಿಸಬಹುದು ತಪ್ಪಿದಲ್ಲಿ ಏಕಪಕ್ಷೀಯವಾಗಿ ಆದೇಶ ಹೊರಡಿಸಲಾಗುವುದು. ಸರ್ವೆ ನಂಬರ್ ಖಾತೆ ಸಂಖ್ಯೆ ಗ್ರಾಮ ಹೋಬಳಿ ತಾಲ್ಲೂಕು ಜಿಲ್ಲೆ ಬೆಂಗಳೂರು ನಗರ ಆಸ್ತಿಯ ಚಕ್ಕುಬಂದಿ ಪೂರ್ವಕ್ಕೆ ಪಶ್ಚಿಮಕ್ಕೆ ಉತ್ತರಕ್ಕೆ ದಕ್ಷಿಣಕ್ಕೆ ರಸ್ತೆ ವಕೀಲರು ನನ್ನ ಕಕ್ಷಿದಾರರ ಪರವಾಗಿ ಪ್ರಕಟಣೆ.
ಸ್ಥಳ: ಬೆಂಗಳೂರು ದಿನಾಂಕ: 14.08.2025 ಅಧಿಕೃತ ಅಧಿಕಾರಿ, ಪಿಎನ್‌ಬಿ ಹೌಸಿಂಗ್ ಫೈನಾನ್ಸ್ ಲಿ.
ಶಿವಮೊಗ್ಗ ಮಹಾನಗರ ಪಾಲಿಕೆ, ಶಿವಮೊಗ್ಗ
ಕ್ರಮಾಂಕ: ಶಿಮಪಾ/ಕಾಮಗಾರಿ/ಸಿಆರ್-17/2025-26	ದಿನಾಂಕ: 12.08.2025
ಟೆಂಡರ್ ಪ್ರಕಟಣೆ
(ಇ-ಪ್ರೊಕ್ಯೂರ್ಮೆಂಟ್ ಮುಖಾಂತರ)
ಈ ಮೂಲಕ ಸಾರ್ವಜನಿಕರಿಗೆ ತಿಳಿಸುವುದೇನೆಂದರೆ ಮೇಲ್ಕಂಡ ಅರ್ಜಿದಾರರು ನ್ಯಾಯಾಲಯದಲ್ಲಿ ಅರ್ಜಿ ಸಲ್ಲಿಸಿದ್ದು ಯಾರಿಗಾದರೂ ಆಕ್ಷೇಪಣೆಗಳಿದ್ದಲ್ಲಿ ನಿಗದಿತ ದಿನಾಂಕದಂದು ಬೆಳಿಗ್ಗೆ 11.00 ಗಂಟೆಗೆ ನ್ಯಾಯಾಲಯದಲ್ಲಿ ಹಾಜರಾಗಿ ತಮ್ಮ ಆಕ್ಷೇಪಣೆಗಳನ್ನು ಸಲ್ಲಿಸಬಹುದು ತಪ್ಪಿದಲ್ಲಿ ಏಕಪಕ್ಷೀಯವಾಗಿ ಆದೇಶ ಹೊರಡಿಸಲಾಗುವುದು. ಸರ್ವೆ ನಂಬರ್ ಖಾತೆ ಸಂಖ್ಯೆ ಗ್ರಾಮ ಹೋಬಳಿ ತಾಲ್ಲೂಕು ಜಿಲ್ಲೆ ಬೆಂಗಳೂರು ನಗರ ಆಸ್ತಿಯ ಚಕ್ಕುಬಂದಿ ಪೂರ್ವಕ್ಕೆ ಪಶ್ಚಿಮಕ್ಕೆ ಉತ್ತರಕ್ಕೆ ದಕ್ಷಿಣಕ್ಕೆ ರಸ್ತೆ ವಕೀಲರು ನನ್ನ ಕಕ್ಷಿದಾರರ ಪರವಾಗಿ ಪ್ರಕಟಣೆ.
1) ಇಂಡೆಂಟ್ ಸಂಖ್ಯೆ : DMA/2025-26/IND5094/CALL-2 ಮತ್ತು DMA/2025-26/IND5174 ರ ಕೆಟಿಪಿ ಪೋರ್ಟಲ್ 20.08.2025 (ಸಂಜೆ: 4.00 ಗಂಟೆಗೆ)
2) ಇಂಡೆಂಟ್ ಸಂಖ್ಯೆ : DMA/2025-26/IND5094/CALL-2 ಮತ್ತು DMA/2025-26/IND5174 ರ 21.08.2025 (ಸಂಜೆ: 4.30 ಗಂಟೆಗೆ)
3) ಇಂಡೆಂಟ್ ಸಂಖ್ಯೆ : DMA/2025-26/IND5094/CALL-2 ಮತ್ತು DMA/2025-26/IND5174 ರ 21.08.2025 (ಸಂಜೆ: 4.30 ಗಂಟೆಗೆ)
ಈ ಮೂಲಕ ಸಾರ್ವಜನಿಕರಿಗೆ ತಿಳಿಸುವುದೇನೆಂದರೆ ಮೇಲ್ಕಂಡ ಅರ್ಜಿದಾರರು ನ್ಯಾಯಾಲಯದಲ್ಲಿ ಅರ್ಜಿ ಸಲ್ಲಿಸಿದ್ದು ಯಾರಿಗಾದರೂ ಆಕ್ಷೇಪಣೆಗಳಿದ್ದಲ್ಲಿ ನಿಗದಿತ ದಿನಾಂಕದಂದು ಬೆಳಿಗ್ಗೆ 11.00 ಗಂಟೆಗೆ ನ್ಯಾಯಾಲಯದಲ್ಲಿ ಹಾಜರಾಗಿ ತಮ್ಮ ಆಕ್ಷೇಪಣೆಗಳನ್ನು ಸಲ್ಲಿಸಬಹುದು ತಪ್ಪಿದಲ್ಲಿ ಏಕಪಕ್ಷೀಯವಾಗಿ ಆದೇಶ ಹೊರಡಿಸಲಾಗುವುದು. ಸರ್ವೆ ನಂಬರ್ ಖಾತೆ ಸಂಖ್ಯೆ ಗ್ರಾಮ ಹೋಬಳಿ ತಾಲ್ಲೂಕು ಜಿಲ್ಲೆ ಬೆಂಗಳೂರು ನಗರ ಆಸ್ತಿಯ ಚಕ್ಕುಬಂದಿ ಪೂರ್ವಕ್ಕೆ ಪಶ್ಚಿಮಕ್ಕೆ ಉತ್ತರಕ್ಕೆ ದಕ್ಷಿಣಕ್ಕೆ ರಸ್ತೆ ವಕೀಲರು ನನ್ನ ಕಕ್ಷಿದಾರರ ಪರವಾಗಿ ಪ್ರಕಟಣೆ.
www.kppp.karnataka.gov.in
ಸಹಿ/- ಆಯುಕ್ತರು, ಶಿವಮೊಗ್ಗ ಮಹಾನಗರ ಪಾಲಿಕೆ
ಕರ್ನಾಟಕ ಸರ್ಕಾರ
ಕಾರ್ಯನಿರ್ವಾಹಕ ಅಭಿಯಂತರರು
ಗ್ರಾಮೀಣ ಕುಡಿಯುವ ನೀರು ಹಾಗೂ ನೈರ್ಮಲ್ಯ
ವಿಭಾಗ ಕಾರ್ಯಾಲಯ, ವಿಜಯಪುರ
ಕನಕದಾಸ ಬಡಾವಣೆ, ಜಿಲ್ಲಾ ಪಂಚಾಯತ್ ಆವರಣ, ವಿಜಯಪುರ-586101
ದೂರವಾಣಿ ಸಂಖ್ಯೆ: 08352-277941,
ಇ-ಮೇಲ್: eerdwsd.bjp@gmail.com
ಕ್ರ.ಸಂ:ಕಾನಿಅ/ಗ್ರಾ.ಕು.ನೀ.ಮತ್ತುನೈ/ವಿ/ವಿಜ/KPPP/ಟೆಂಡರ್/2025-26/695
ದಿನಾಂಕ: 12.08.2025
KPPP Portal ಮುಖಾಂತರ ಅಲ್ಪಾವಧಿ ಟೆಂಡರ್ ಪ್ರಕಟಣೆ
ಕರ್ನಾಟಕ ಸರ್ಕಾರದ ಮಾನ್ಯ ರಾಜ್ಯಪಾಲರ ಪರವಾಗಿ ಗ್ರಾಮೀಣ ಕುಡಿಯುವ ನೀರು ಮತ್ತು ನೈರ್ಮಲ್ಯ ಇಲಾಖೆಯಿಂದ ಟೆಂಡರ್‌ಗಳನ್ನು (Standard tender document KW-1/2/3/4) & KTPP ನಿಯಮಗಳ ರೀತ್ಯಾ ಟೆಂಡರ್ ಕರೆಯಲಾಗಿದೆ.
KPPP Portal ಮುಖಾಂತರ ಆನ್‌ಲೈನ್ ಟೆಂಡರ್ ಸಲ್ಲಿಸುವ ಕೊನೆಯ ದಿನಾಂಕ: 21.08.2025 ರಂದು ಸಾಯಂಕಾಲ 5.30 ಘಂಟೆವರೆಗೆ, ತಾಂತ್ರಿಕ ಬಿಡ್ ತೆರೆಯುವ ದಿನಾಂಕ: 22.08.2025 ರಂದು 11.00 ಘಂಟೆ, ಆರ್ಥಿಕ ಬಿಡ್ ತೆರೆಯುವ ದಿನಾಂಕ: 25.08.2025 ರಂದು 11.00 ಘಂಟೆ.
www.kppp.karnataka.gov.in
ಸಹಿ/- (ಶ್ರೀ ಶಂಕರ) ಕಾರ್ಯನಿರ್ವಾಹಕ ಅಭಿಯಂತರರು, ಗ್ರಾ.ಕು.ನೀ.ನೈ.ವಿಭಾಗ, ವಿಜಯಪುರ
ವಾವಾಸಂಇ/ಪಿಆರ್/254/ಸಿಎ/2025-26
ಕರ್ನಾಟಕ ಅರಣ್ಯ ಇಲಾಖೆ
ಉಪ ಅರಣ್ಯ ಸಂರಕ್ಷಣಾಧಿಕಾರಿಗಳ ಕಛೇರಿ
ಇ-ಮೇಲ್: dcfbngurban@yahoo.com ದೂರವಾಣಿ ಸಂಖ್ಯೆ: 080-28000992.
ಸಂಖ್ಯೆ: ಎ6/ಟೆಂಡರ್/2025-26	ದಿನಾಂಕ: 13-08-2025
ಟೆಂಡರ್ ಪ್ರಕಟಣೆ
2025-26ನೇ ಸಾಲಿನ ಮಿಶ್ರ ಅರಣ್ಯ ನೆಡುತೋಪು ಕಾಮಗಾರಿಗಳಿಗೆ ಇ-ಪ್ರೊಕ್ಯೂರ್ಮೆಂಟ್ ಮುಖಾಂತರ ಟೆಂಡರ್ ಕರೆಯಲಾಗಿದೆ. ಟೆಂಡರ್ ದಾಖಲೆಗಳನ್ನು https://kppp.karnataka.gov.in ಪೋರ್ಟಲ್‌ನಿಂದ ಡೌನ್‌ಲೋಡ್ ಮಾಡಿಕೊಳ್ಳಬಹುದು. ಕೊನೆಯ ದಿನಾಂಕ 21-08-2025 ಸಂಜೆ 5.00 ಗಂಟೆ, ತಾಂತ್ರಿಕ ಬಿಡ್ 23-08-2025 ಸಂಜೆ 5.00 ಗಂಟೆ, ದಿನಾಂಕ 27-08-2025 ಸಂಜೆ 5.00 ಗಂಟೆ, ದಿನಾಂಕ 28-08-2025 ರಂದು 5.00 ಗಂಟೆಗೆ, 30-08-2025 ರಂದು 5.00 ಗಂಟೆಗೆ.
ಈ ಮೂಲಕ ಸಾರ್ವಜನಿಕರಿಗೆ ತಿಳಿಸುವುದೇನೆಂದರೆ ಮೇಲ್ಕಂಡ ಅರ್ಜಿದಾರರು ನ್ಯಾಯಾಲಯದಲ್ಲಿ ಅರ್ಜಿ ಸಲ್ಲಿಸಿದ್ದು ಯಾರಿಗಾದರೂ ಆಕ್ಷೇಪಣೆಗಳಿದ್ದಲ್ಲಿ ನಿಗದಿತ ದಿನಾಂಕದಂದು ಬೆಳಿಗ್ಗೆ 11.00 ಗಂಟೆಗೆ ನ್ಯಾಯಾಲಯದಲ್ಲಿ ಹಾಜರಾಗಿ ತಮ್ಮ ಆಕ್ಷೇಪಣೆಗಳನ್ನು ಸಲ್ಲಿಸಬಹುದು ತಪ್ಪಿದಲ್ಲಿ ಏಕಪಕ್ಷೀಯವಾಗಿ ಆದೇಶ ಹೊರಡಿಸಲಾಗುವುದು. ಸರ್ವೆ ನಂಬರ್ ಖಾತೆ ಸಂಖ್ಯೆ ಗ್ರಾಮ ಹೋಬಳಿ ತಾಲ್ಲೂಕು ಜಿಲ್ಲೆ ಬೆಂಗಳೂರು ನಗರ ಆಸ್ತಿಯ ಚಕ್ಕುಬಂದಿ ಪೂರ್ವಕ್ಕೆ ಪಶ್ಚಿಮಕ್ಕೆ ಉತ್ತರಕ್ಕೆ ದಕ್ಷಿಣಕ್ಕೆ ರಸ್ತೆ ವಕೀಲರು ನನ್ನ ಕಕ್ಷಿದಾರರ ಪರವಾಗಿ ಪ್ರಕಟಣೆ.
https://kppp.karnataka.gov.in
ಸಹಿ/- ಉಪ ಅರಣ್ಯ ಸಂರಕ್ಷಣಾಧಿಕಾರಿಗಳು ಬೆಂಗಳೂರು ನಗರ ವಿಭಾಗ, ಬೆಂಗಳೂರು
ವಾವಾಸಂಇ/254/ಅರಣ್ಯ/ಸಿಎ/2025-26
ಹಾಸನ ಮಹಾನಗರ ಪಾಲಿಕೆ, ಹಾಸನ. ಬಿ.ಎಂ.ರಸ್ತೆ,
ಸಂತೇಪೇಟೆ ವೃತ್ತ, ಹಾಸನ-573201.
web:http://www.hassancity.mrc.gov.in Email:
comm_hassan@yahoo.com ದೂರವಾಣಿ: 08172- 268276
ಸಹಾಯವಾಣಿ: 08172-233702 ಫ್ಯಾಕ್ಸ್: 08172-234792
ಸಂ/ಹಮನಪಾ/ಮಾಮಾವಿ/ಸಾಪ್ತಾಹಿಕ ಪ್ರಕ/02/2025-26
ದಿನಾಂಕ:13/08/2025
ಟೆಂಡರ್ ಪ್ರಕಟಣೆ : ಇ ಪ್ರೊಕ್ಯೂರ್ಮೆಂಟ್ ಮೂಲಕ :
2025-26ನೇ ಸಾಲಿನ ಟೆಂಡರ್ ಸಂಖ್ಯೆಯ ಕಾಮಗಾರಿಗಳನ್ನು ನಿರ್ವಹಿಸಲು ಅರ್ಹ ಗುತ್ತಿಗೆದಾರರಿಂದ ಇ-ಪ್ರೊಕ್ಯೂರ್ಮೆಂಟ್ ಪೋರ್ಟಲ್ (http://www.kppp.karnataka.gov.in) ಮುಖಾಂತರ ಟೆಂಡರ್ ಆಹ್ವಾನಿಸಲಾಗಿದೆ. ಗುತ್ತಿಗೆದಾರರಿಗೆ ಟೆಂಡರ್ ದಾಖಲೆ ಶುಲ್ಕ ರೂ.15000 ಮತ್ತು ರೂ.200.00 ಲಕ್ಷ. ದಿನಾಂಕ:29/08/2025 ರಂದು ಸಂಜೆ 5.30 ಗಂಟೆಯೊಳಗೆ ಟೆಂಡರ್ ಸಲ್ಲಿಸಬೇಕು. ದೂರವಾಣಿ 08172-268276 ಅನ್ನು ಸಂಪರ್ಕಿಸಬಹುದು.
ಈ ಮೂಲಕ ಸಾರ್ವಜನಿಕರಿಗೆ ತಿಳಿಸುವುದೇನೆಂದರೆ ಮೇಲ್ಕಂಡ ಅರ್ಜಿದಾರರು ನ್ಯಾಯಾಲಯದಲ್ಲಿ ಅರ್ಜಿ ಸಲ್ಲಿಸಿದ್ದು ಯಾರಿಗಾದರೂ ಆಕ್ಷೇಪಣೆಗಳಿದ್ದಲ್ಲಿ ನಿಗದಿತ ದಿನಾಂಕದಂದು ಬೆಳಿಗ್ಗೆ 11.00 ಗಂಟೆಗೆ ನ್ಯಾಯಾಲಯದಲ್ಲಿ ಹಾಜರಾಗಿ ತಮ್ಮ ಆಕ್ಷೇಪಣೆಗಳನ್ನು ಸಲ್ಲಿಸಬಹುದು ತಪ್ಪಿದಲ್ಲಿ ಏಕಪಕ್ಷೀಯವಾಗಿ ಆದೇಶ ಹೊರಡಿಸಲಾಗುವುದು. ಸರ್ವೆ ನಂಬರ್ ಖಾತೆ ಸಂಖ್ಯೆ ಗ್ರಾಮ ಹೋಬಳಿ ತಾಲ್ಲೂಕು ಜಿಲ್ಲೆ ಬೆಂಗಳೂರು ನಗರ ಆಸ್ತಿಯ ಚಕ್ಕುಬಂದಿ ಪೂರ್ವಕ್ಕೆ ಪಶ್ಚಿಮಕ್ಕೆ ಉತ್ತರಕ್ಕೆ ದಕ್ಷಿಣಕ್ಕೆ ರಸ್ತೆ ವಕೀಲರು ನನ್ನ ಕಕ್ಷಿದಾರರ ಪರವಾಗಿ ಪ್ರಕಟಣೆ.
ಸಹಿ/-ಆಯುಕ್ತರು, ಹಾಸನ ಮಹಾನಗರ ಪಾಲಿಕೆ, ಹಾಸನ.
ವಾವಾಸಂಇ/ಪಿಆರ್/448/ಸಿಎ/2025-26
{xelp}	XELPMOC DESIGN AND TECH LIMITED
CIN: L72200KA2015PLC082873
Registered Office: No.57, 13th Cross, Novel Business Park, Hosur Road, Anepalya, Adugodi, Bengaluru - 560030, Karnataka, India. Tel. No: (+91) 6364316889; Email: vaishali.kondbhar@xelpmoc.in; Website: www.xelpmoc.in
STATEMENT OF UNAUDITED STANDALONE AND CONSOLIDATED FINANCIAL RESULTS FOR THE QUARTER ENDED JUNE 30, 2025
(Rupees in 1000's except per share data)
Sr. No.	Particulars	Standalone				Consolidated			
		Quarter ended June 30, 2025	Quarter ended March 31, 2025	Quarter ended June 30, 2024	Year ended March 31, 2025	Quarter ended June 30, 2025	Quarter ended March 31, 2025	Quarter ended June 30, 2024	Year ended March 31, 2025
		(Unaudited)	(Audited)	(Unaudited)	(Audited)	(Unaudited)	(Audited)	(Unaudited)	(Audited)
1	Income from operations	7,849.94	9,052.41	6,340.20	39,011.88	7,849.94	7,062.41	7,283.21	38,984.73
2	Net profit / (Loss) for the period (before Tax, Exceptional and/or Extraordinary items)	(17,764.39)	(15,951.29)	(26,067.47)	(70,166.88)	(18,852.31)	(16,848.21)	(31,444.16)	(80,570.73)
3	Net profit / (Loss) for the period before tax (after Exceptional and/or Extraordinary items)	(17,764.39)	(15,951.29)	(35,554.23)	(86,087.66)	(18,852.31)	(18,443.12)	(39,393.50)	(80,570.73)
4	Net profit / (Loss) for the period after tax (after Exceptional and/or Extraordinary items)	(17,721.18)	(15,930.19)	(35,457.78)	(86,194.63)	(18,819.10)	(18,436.37)	(39,297.05)	(80,677.70)
5	Total Comprehensive Income for the period [Comprising Net profit/(Loss) for the period (after tax) and Other Comprehensive Income (after tax)]	(30,719.34)	24,002.91	(21,852.12)	13,062.39	(31,817.26)	20,422.10	(25,690.85)	18,873.17
6	Equity share capital	147,594.93	147,199.93	147,079.93	147,199.93	147,594.93	147,199.93	147,079.93	147,199.93
7	Reserves excluding revaluation reserves as per the balance sheet of the previous year				487,531.80				493,189.87
8	Earnings per share of (Rs. 10 each) **								
	a) Basic (Rs.)	(1.20)	(1.08)	(2.41)	(5.89)	(1.26)	(1.26)	(2.67)	(5.50)
	b) Diluted (Rs.)	(1.19)	(1.07)	(2.37)	(5.79)	(1.25)	(1.25)	(2.63)	(5.43)
** EPS not annualised for quarter ended June 30, 2025, March 31, 2025 and June 30, 2024.
Note:
1. The above is an extract of the detailed format of Quarter ended June 30, 2025, Financial Results filed with the Stock Exchanges under Regulation 33 of the SEBI (Listing Obligations and Disclosure Requirements) Regulations, 2015. The full format of the Quarterly Financial Results is available on the websites of the Stock Exchange(s) i.e. www.bseindia.com & www.nseindia.com and on the website of the Company www.xelpmoc.in under Investor Relation Section.
2. The Audit Committee has reviewed, and the Board of Directors has approved the above results and its release at their respective meetings held on August 12, 2025.
Place: Hyderabad
Date: August 12, 2025
For and on behalf of the Board of Directors of Xelpmoc Design and Tech Limited
sd/-
Srinivas Koora
Whole Time Director and Chief Financial Officer
DIN: 07227584
ಕರ್ನಾಟಕ ನೀರಾವರಿ ನಿಗಮ ನಿಯಮಿತ
(ಕರ್ನಾಟಕ ಸರ್ಕಾರದ ಉದ್ಯಮ)
ಕಾರ್ಯನಿರ್ವಾಹಕ ಇಂಜಿನಿಯರ್‌ರವರ ಕಛೇರಿ
ಕರ್ನಾಟಕ ನೀರಾವರಿ ನಿಗಮ ನಿಯಮಿತ,
ತುಂಗಾ ಮೇಲ್ದಂಡೆ ಯೋಜನಾ ವಿಭಾಗ, ಶಿವಮೊಗ್ಗ
ದೂರವಾಣಿ : 08182-257189	ಫ್ಯಾಕ್ಸ್ : 08182-254832
E-mail : eeutpsmg@gmail.com
Short Term Tender Notification
(Through KPP Portal only)
1) No.EE/UTPDN/SMG/KNNL/PB-3/T.N.NO.09/2025-26/ Dated: 08.08.2025
2) No.EE/UTPDN/SMG/KNNL/PB-3/T.N.NO.10/2025-26/ Dated: 08.08.2025
3) No.EE/UTPDN/SMG/KNNL/PB-3/T.N.NO.11/2025-26/ Dated: 08.08.2025
4) No.EE/UTPDN/SMG/KNNL/PB-3/T.N.NO.12/2025-26/ Dated: 08.08.2025
ವ್ಯವಸ್ಥಾಪಕ ನಿರ್ದೇಶಕರು, ಕ.ನೀ.ನಿ.ನಿ., ಬೆಂಗಳೂರು ರವರ ಪರವಾಗಿ ಅರ್ಹ ಗುತ್ತಿಗೆದಾರರಿಂದ ಟೆಂಡರ್‌ಗಳನ್ನು ಆಹ್ವಾನಿಸಲಾಗಿದೆ. ಅಂದಾಜು ಮೊತ್ತ ರೂ. 3.79, 28.87, 36.59 & 101.52 ಲಕ್ಷಗಳು. ದಿನಾಂಕ 14.08.2025 ರಿಂದ ಪ್ರಾರಂಭ, ಕೊನೆಯ ದಿನಾಂಕ 14.08.2025 ಸಂಜೆ 5.30 ಘಂಟೆಯವರೆಗೆ, ದಿನಾಂಕ 08.08.2025 ರಿಂದ 19.08.2025 ರವರೆಗೆ 5.29 ಘಂಟೆಯವರೆಗೆ.
ಈ ಮೂಲಕ ಸಾರ್ವಜನಿಕರಿಗೆ ತಿಳಿಸುವುದೇನೆಂದರೆ ಮೇಲ್ಕಂಡ ಅರ್ಜಿದಾರರು ನ್ಯಾಯಾಲಯದಲ್ಲಿ ಅರ್ಜಿ ಸಲ್ಲಿಸಿದ್ದು ಯಾರಿಗಾದರೂ ಆಕ್ಷೇಪಣೆಗಳಿದ್ದಲ್ಲಿ ನಿಗದಿತ ದಿನಾಂಕದಂದು ಬೆಳಿಗ್ಗೆ 11.00 ಗಂಟೆಗೆ ನ್ಯಾಯಾಲಯದಲ್ಲಿ ಹಾಜರಾಗಿ ತಮ್ಮ ಆಕ್ಷೇಪಣೆಗಳನ್ನು ಸಲ್ಲಿಸಬಹುದು ತಪ್ಪಿದಲ್ಲಿ ಏಕಪಕ್ಷೀಯವಾಗಿ ಆದೇಶ ಹೊರಡಿಸಲಾಗುವುದು. ಸರ್ವೆ ನಂಬರ್ ಖಾತೆ ಸಂಖ್ಯೆ ಗ್ರಾಮ ಹೋಬಳಿ ತಾಲ್ಲೂಕು ಜಿಲ್ಲೆ ಬೆಂಗಳೂರು ನಗರ ಆಸ್ತಿಯ ಚಕ್ಕುಬಂದಿ ಪೂರ್ವಕ್ಕೆ ಪಶ್ಚಿಮಕ್ಕೆ ಉತ್ತರಕ್ಕೆ ದಕ್ಷಿಣಕ್ಕೆ ರಸ್ತೆ ವಕೀಲರು ನನ್ನ ಕಕ್ಷಿದಾರರ ಪರವಾಗಿ ಪ್ರಕಟಣೆ.
https://kppp.karnataka.gov.in
ಸಹಿ/- ಕಾರ್ಯನಿರ್ವಾಹಕ ಇಂಜಿನಿಯರ್, ಕ.ನೀ.ನಿ.ನಿ., ತು.ಮೇ.ಯೋ.ವಿಭಾಗ, ಶಿವಮೊಗ್ಗ
ವಾವಾಸಂಇ/ಪಿಆರ್/2025-26
onmobile
ಆನ್‌ಮೊಬೈಲ್ ಗ್ಲೋಬಲ್ ಲಿಮಿಟೆಡ್
ಸಿಐಎನ್: L64202KA2000PLC027860
ದೂರವಾಣಿ: + 91 80 40096000 ಫ್ಯಾಕ್ಸ್: + 91 80 40096009
ಇ-ಮೇಲ್: investors@onmobile.com ವೆಬ್‌ಸೈಟ್: www.onmobile.com
ಭೌತಿಕ ಷೇರುಗಳ ವರ್ಗಾವಣೆ ವಿನಂತಿಯ
ಮರು-ನೋಂದಣಿಗಾಗಿ ವಿಶೇಷ ಗವಾಕ್ಷದ ಸೂಚನೆ
ಸೆಬಿ ಸುತ್ತೋಲೆ ಸಂಖ್ಯೆ SEBI/HO/MIRSD/MIRSD-PoD/P/CIR/2025/97 ದಿನಾಂಕ ಜುಲೈ 02, 2025ರ ಪ್ರಕಾರ, ಏಪ್ರಿಲ್ 01, 2019 ರ ಮೊದಲು ಸಲ್ಲಿಸಲಾದ ಮತ್ತು ದಾಖಲೆಗಳಲ್ಲಿನ ಕೊರತೆಯಿಂದಾಗಿ ತಿರಸ್ಕರಿಸಲ್ಪಟ್ಟ ವರ್ಗಾವಣೆ ವಿನಂತಿಗಳ ಮರು-ನೋಂದಣಿಗಾಗಿ ಜುಲೈ 07, 2025 ರಿಂದ ಜನವರಿ 06, 2026 ರವರೆಗೆ ಆರು ತಿಂಗಳ ಅವಧಿಗೆ ವಿಶೇಷ ಗವಾಕ್ಷ ತೆರೆಯಲಾಗಿದೆ. ಆಸಕ್ತ ಷೇರುದಾರರು ಕಂಪನಿಯ ನೋಂದಣಿ ಮತ್ತು ವರ್ಗಾವಣೆ ಏಜೆಂಟ್ ಅನ್ನು ಸಂಪರ್ಕಿಸಬಹುದು: ಕೆಫಿನ್ ಟೆಕ್ನಾಲಜೀಸ್ ಲಿಮಿಟೆಡ್, ಸೆಲೆನಿಯಮ್ ಟವರ್ ಬಿ, ಪ್ಲಾಟ್ ಸಂ. 31 & 32, ಫೈನಾನ್ಷಿಯಲ್ ಡಿಸ್ಟ್ರಿಕ್ಟ್, ನಾನಕ್ರಾಮಗುಡ, ಹೈದರಾಬಾದ್ - 500 032, ದೂರವಾಣಿ: +91 40 6716 2222; ಟೋಲ್ ಫ್ರೀ ಸಂ.: 1800 3094001, ಇ-ಮೇಲ್: einward.ris@kfintech.com
ಈ ಮೂಲಕ ಸಾರ್ವಜನಿಕರಿಗೆ ತಿಳಿಸುವುದೇನೆಂದರೆ ಮೇಲ್ಕಂಡ ಅರ್ಜಿದಾರರು ನ್ಯಾಯಾಲಯದಲ್ಲಿ ಅರ್ಜಿ ಸಲ್ಲಿಸಿದ್ದು ಯಾರಿಗಾದರೂ ಆಕ್ಷೇಪಣೆಗಳಿದ್ದಲ್ಲಿ ನಿಗದಿತ ದಿನಾಂಕದಂದು ಬೆಳಿಗ್ಗೆ 11.00 ಗಂಟೆಗೆ ನ್ಯಾಯಾಲಯದಲ್ಲಿ ಹಾಜರಾಗಿ ತಮ್ಮ ಆಕ್ಷೇಪಣೆಗಳನ್ನು ಸಲ್ಲಿಸಬಹುದು ತಪ್ಪಿದಲ್ಲಿ ಏಕಪಕ್ಷೀಯವಾಗಿ ಆದೇಶ ಹೊರಡಿಸಲಾಗುವುದು. ಸರ್ವೆ ನಂಬರ್ ಖಾತೆ ಸಂಖ್ಯೆ ಗ್ರಾಮ ಹೋಬಳಿ ತಾಲ್ಲೂಕು ಜಿಲ್ಲೆ ಬೆಂಗಳೂರು ನಗರ ಆಸ್ತಿಯ ಚಕ್ಕುಬಂದಿ ಪೂರ್ವಕ್ಕೆ ಪಶ್ಚಿಮಕ್ಕೆ ಉತ್ತರಕ್ಕೆ ದಕ್ಷಿಣಕ್ಕೆ ರಸ್ತೆ ವಕೀಲರು ನನ್ನ ಕಕ್ಷಿದಾರರ ಪರವಾಗಿ ಪ್ರಕಟಣೆ.
ಸ್ಥಳ: ಬೆಂಗಳೂರು
ದಿನಾಂಕ: ಆಗಸ್ಟ್ 14, 2025
ಆನ್‌ಮೊಬೈಲ್ ಗ್ಲೋಬಲ್ ಲಿಮಿಟೆಡ್ ಪರವಾಗಿ ಸಹಿ/- ಪಿ.ವಿ. ವರಪ್ರಸಾದ್ ಕಂಪನಿ ಕಾರ್ಯದರ್ಶಿ
